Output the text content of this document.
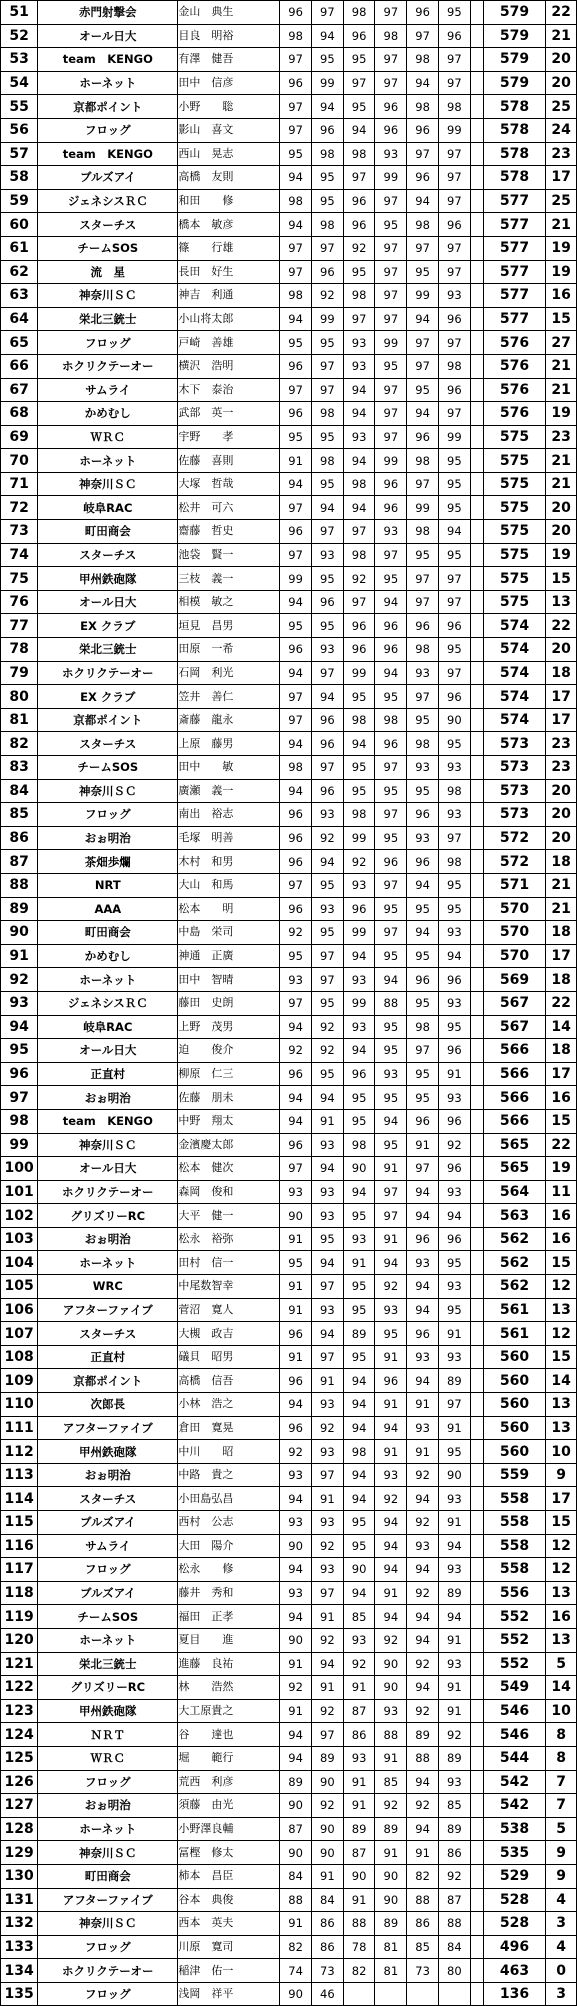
51	赤門射撃会	金山　典生	96	97	98	97	96	95		579	22
52	オール日大	目良　明裕	98	94	96	98	97	96		579	21
53	team　KENGO	有澤　健吾	97	95	95	97	98	97		579	20
54	ホーネット	田中　信彦	96	99	97	97	94	97		579	20
55	京都ポイント	小野　　聡	97	94	95	96	98	98		578	25
56	フロッグ	影山　喜文	97	96	94	96	96	99		578	24
57	team　KENGO	西山　晃志	95	98	98	93	97	97		578	23
58	ブルズアイ	高橋　友則	94	95	97	99	96	97		578	17
59	ジェネシスＲＣ	和田　　修	98	95	96	97	94	97		577	25
60	スターチス	橋本　敏彦	94	98	96	95	98	96		577	21
61	チームSOS	篠　　行雄	97	97	92	97	97	97		577	19
62	流　星	長田　好生	97	96	95	97	95	97		577	19
63	神奈川ＳＣ	神吉　利通	98	92	98	97	99	93		577	16
64	栄北三銃士	小山将太郎	94	99	97	97	94	96		577	15
65	フロッグ	戸崎　善雄	95	95	93	99	97	97		576	27
66	ホクリクテーオー	横沢　浩明	96	97	93	95	97	98		576	21
67	サムライ	木下　泰治	97	97	94	97	95	96		576	21
68	かめむし	武部　英一	96	98	94	97	94	97		576	19
69	ＷＲＣ	宇野　　孝	95	95	93	97	96	99		575	23
70	ホーネット	佐藤　喜則	91	98	94	99	98	95		575	21
71	神奈川ＳＣ	大塚　哲哉	94	95	98	96	97	95		575	21
72	岐阜RAC	松井　可六	97	94	94	96	99	95		575	20
73	町田商会	齋藤　哲史	96	97	97	93	98	94		575	20
74	スターチス	池袋　賢一	97	93	98	97	95	95		575	19
75	甲州鉄砲隊	三枝　義一	99	95	92	95	97	97		575	15
76	オール日大	相模　敏之	94	96	97	94	97	97		575	13
77	EX クラブ	垣見　昌男	95	95	96	96	96	96		574	22
78	栄北三銃士	田原　一希	96	93	96	96	98	95		574	20
79	ホクリクテーオー	石岡　利光	94	97	99	94	93	97		574	18
80	EX クラブ	笠井　善仁	97	94	95	95	97	96		574	17
81	京都ポイント	斎藤　龍永	97	96	98	98	95	90		574	17
82	スターチス	上原　藤男	94	96	94	96	98	95		573	23
83	チームSOS	田中　　敏	98	97	95	97	93	93		573	23
84	神奈川ＳＣ	廣瀬　義一	94	96	95	95	95	98		573	20
85	フロッグ	南出　裕志	96	93	98	97	96	93		573	20
86	おぉ明治	毛塚　明善	96	92	99	95	93	97		572	20
87	茶畑歩爛	木村　和男	96	94	92	96	96	98		572	18
88	NRT	大山　和馬	97	95	93	97	94	95		571	21
89	AAA	松本　　明	96	93	96	95	95	95		570	21
90	町田商会	中島　栄司	92	95	99	97	94	93		570	18
91	かめむし	神通　正廣	95	97	94	95	95	94		570	17
92	ホーネット	田中　智晴	93	97	93	94	96	96		569	18
93	ジェネシスＲＣ	藤田　史朗	97	95	99	88	95	93		567	22
94	岐阜RAC	上野　茂男	94	92	93	95	98	95		567	14
95	オール日大	迫　　俊介	92	92	94	95	97	96		566	18
96	正直村	柳原　仁三	96	95	96	93	95	91		566	17
97	おぉ明治	佐藤　朋未	94	94	95	95	95	93		566	16
98	team　KENGO	中野　翔太	94	91	95	94	96	96		566	15
99	神奈川ＳＣ	金濱慶太郎	96	93	98	95	91	92		565	22
100	オール日大	松本　健次	97	94	90	91	97	96		565	19
101	ホクリクテーオー	森岡　俊和	93	93	94	97	94	93		564	11
102	グリズリーRC	大平　健一	90	93	95	97	94	94		563	16
103	おぉ明治	松永　裕弥	91	95	93	91	96	96		562	16
104	ホーネット	田村　信一	95	94	91	94	93	95		562	15
105	WRC	中尾数智幸	91	97	95	92	94	93		562	12
106	アフターファイブ	菅沼　寛人	91	93	95	93	94	95		561	13
107	スターチス	大槻　政吉	96	94	89	95	96	91		561	12
108	正直村	礒貝　昭男	91	97	95	91	93	93		560	15
109	京都ポイント	高橋　信吾	96	91	94	96	94	89		560	14
110	次郎長	小林　浩之	94	93	94	91	91	97		560	13
111	アフターファイブ	倉田　寛晃	96	92	94	94	93	91		560	13
112	甲州鉄砲隊	中川　　昭	92	93	98	91	91	95		560	10
113	おぉ明治	中路　貴之	93	97	94	93	92	90		559	9
114	スターチス	小田島弘昌	94	91	94	92	94	93		558	17
115	ブルズアイ	西村　公志	93	93	95	94	92	91		558	15
116	サムライ	大田　陽介	90	92	95	94	93	94		558	12
117	フロッグ	松永　　修	94	93	90	94	94	93		558	12
118	ブルズアイ	藤井　秀和	93	97	94	91	92	89		556	13
119	チームSOS	福田　正孝	94	91	85	94	94	94		552	16
120	ホーネット	夏目　　進	90	92	93	92	94	91		552	13
121	栄北三銃士	進藤　良祐	91	94	92	90	92	93		552	5
122	グリズリーRC	林　　浩然	92	91	91	90	94	91		549	14
123	甲州鉄砲隊	大工原貴之	91	92	87	93	92	91		546	10
124	ＮＲＴ	谷　　達也	94	97	86	88	89	92		546	8
125	ＷＲＣ	堀　　範行	94	89	93	91	88	89		544	8
126	フロッグ	荒西　利彦	89	90	91	85	94	93		542	7
127	おぉ明治	須藤　由光	90	92	91	92	92	85		542	7
128	ホーネット	小野澤良輔	87	90	89	89	94	89		538	5
129	神奈川ＳＣ	冨樫　修太	90	90	87	91	91	86		535	9
130	町田商会	柿本　昌臣	84	91	90	90	82	92		529	9
131	アフターファイブ	谷本　典俊	88	84	91	90	88	87		528	4
132	神奈川ＳＣ	西本　英夫	91	86	88	89	86	88		528	3
133	フロッグ	川原　寛司	82	86	78	81	85	84		496	4
134	ホクリクテーオー	稲津　佑一	74	73	82	81	73	80		463	0
135	フロッグ	浅岡　祥平	90	46						136	3
